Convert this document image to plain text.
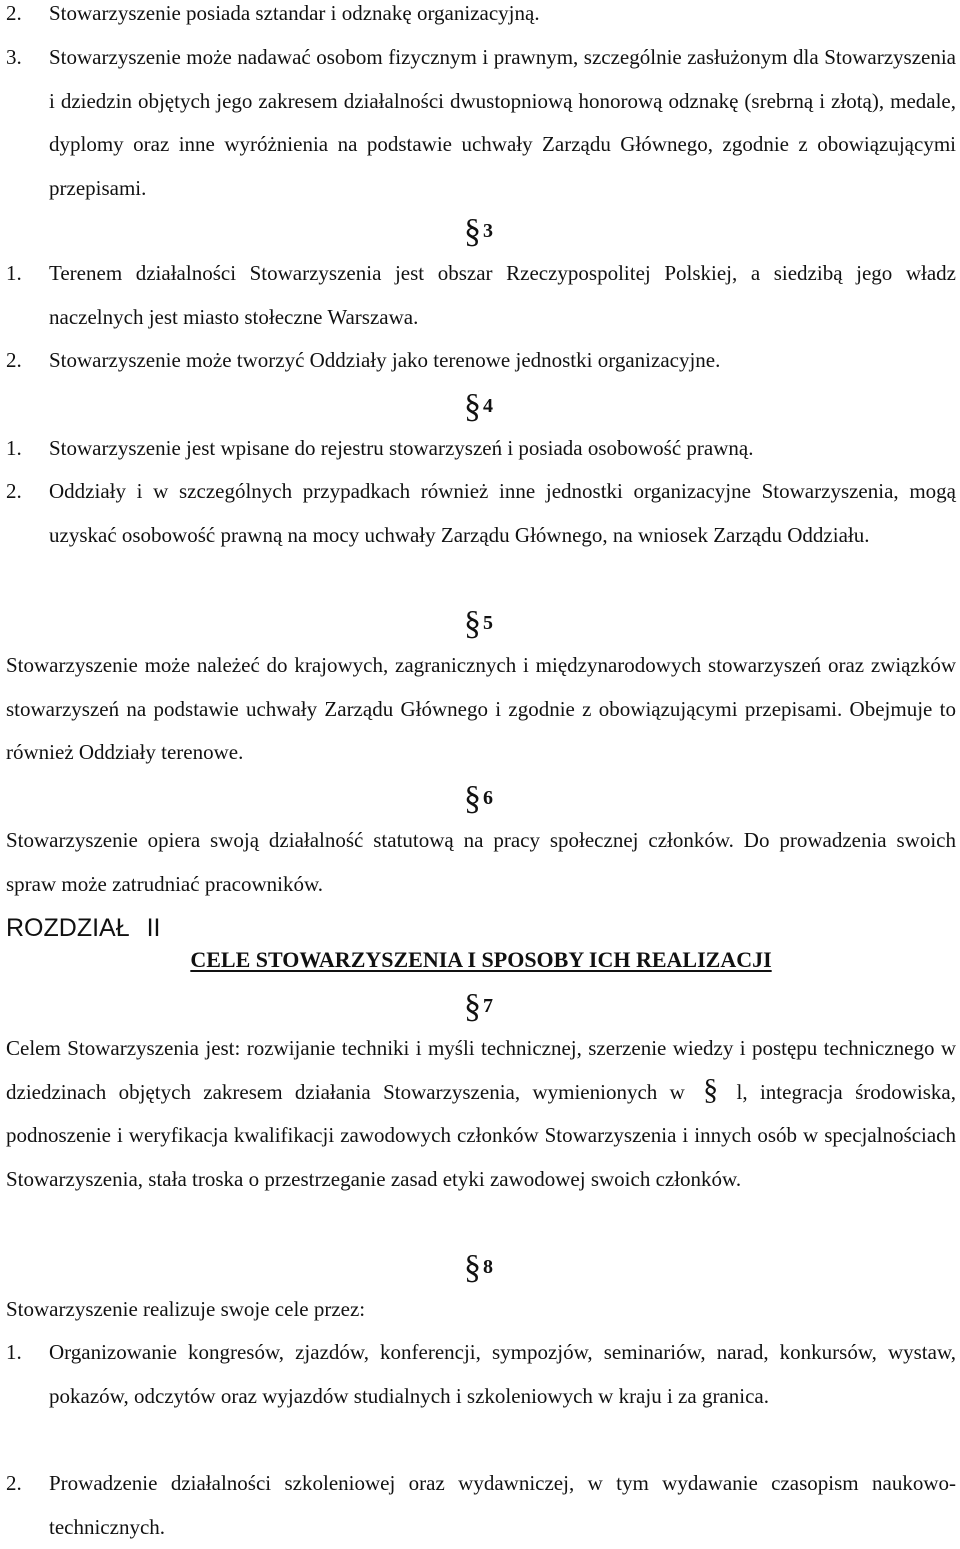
2.	Stowarzyszenie posiada sztandar i odznakę organizacyjną.
3.	Stowarzyszenie może nadawać osobom fizycznym i prawnym, szczególnie zasłużonym dla Stowarzyszenia i dziedzin objętych jego zakresem działalności dwustopniową honorową odznakę (srebrną i złotą), medale, dyplomy oraz inne wyróżnienia na podstawie uchwały Zarządu Głównego, zgodnie z obowiązującymi przepisami.
§ 3
1.	Terenem działalności Stowarzyszenia jest obszar Rzeczypospolitej Polskiej, a siedzibą jego władz naczelnych jest miasto stołeczne Warszawa.
2.	Stowarzyszenie może tworzyć Oddziały jako terenowe jednostki organizacyjne.
§ 4
1.	Stowarzyszenie jest wpisane do rejestru stowarzyszeń i posiada osobowość prawną.
2.	Oddziały i w szczególnych przypadkach również inne jednostki organizacyjne Stowarzyszenia, mogą uzyskać osobowość prawną na mocy uchwały Zarządu Głównego, na wniosek Zarządu Oddziału.
§ 5
Stowarzyszenie może należeć do krajowych, zagranicznych i międzynarodowych stowarzyszeń oraz związków stowarzyszeń na podstawie uchwały Zarządu Głównego i zgodnie z obowiązującymi przepisami. Obejmuje to również Oddziały terenowe.
§ 6
Stowarzyszenie opiera swoją działalność statutową na pracy społecznej członków. Do prowadzenia swoich spraw może zatrudniać pracowników.
ROZDZIAŁ II
CELE STOWARZYSZENIA I SPOSOBY ICH REALIZACJI
§ 7
Celem Stowarzyszenia jest: rozwijanie techniki i myśli technicznej, szerzenie wiedzy i postępu technicznego w dziedzinach objętych zakresem działania Stowarzyszenia, wymienionych w § l, integracja środowiska, podnoszenie i weryfikacja kwalifikacji zawodowych członków Stowarzyszenia i innych osób w specjalnościach Stowarzyszenia, stała troska o przestrzeganie zasad etyki zawodowej swoich członków.
§ 8
Stowarzyszenie realizuje swoje cele przez:
1.	Organizowanie kongresów, zjazdów, konferencji, sympozjów, seminariów, narad, konkursów, wystaw, pokazów, odczytów oraz wyjazdów studialnych i szkoleniowych w kraju i za granica.
2.	Prowadzenie działalności szkoleniowej oraz wydawniczej, w tym wydawanie czasopism naukowo-technicznych.
